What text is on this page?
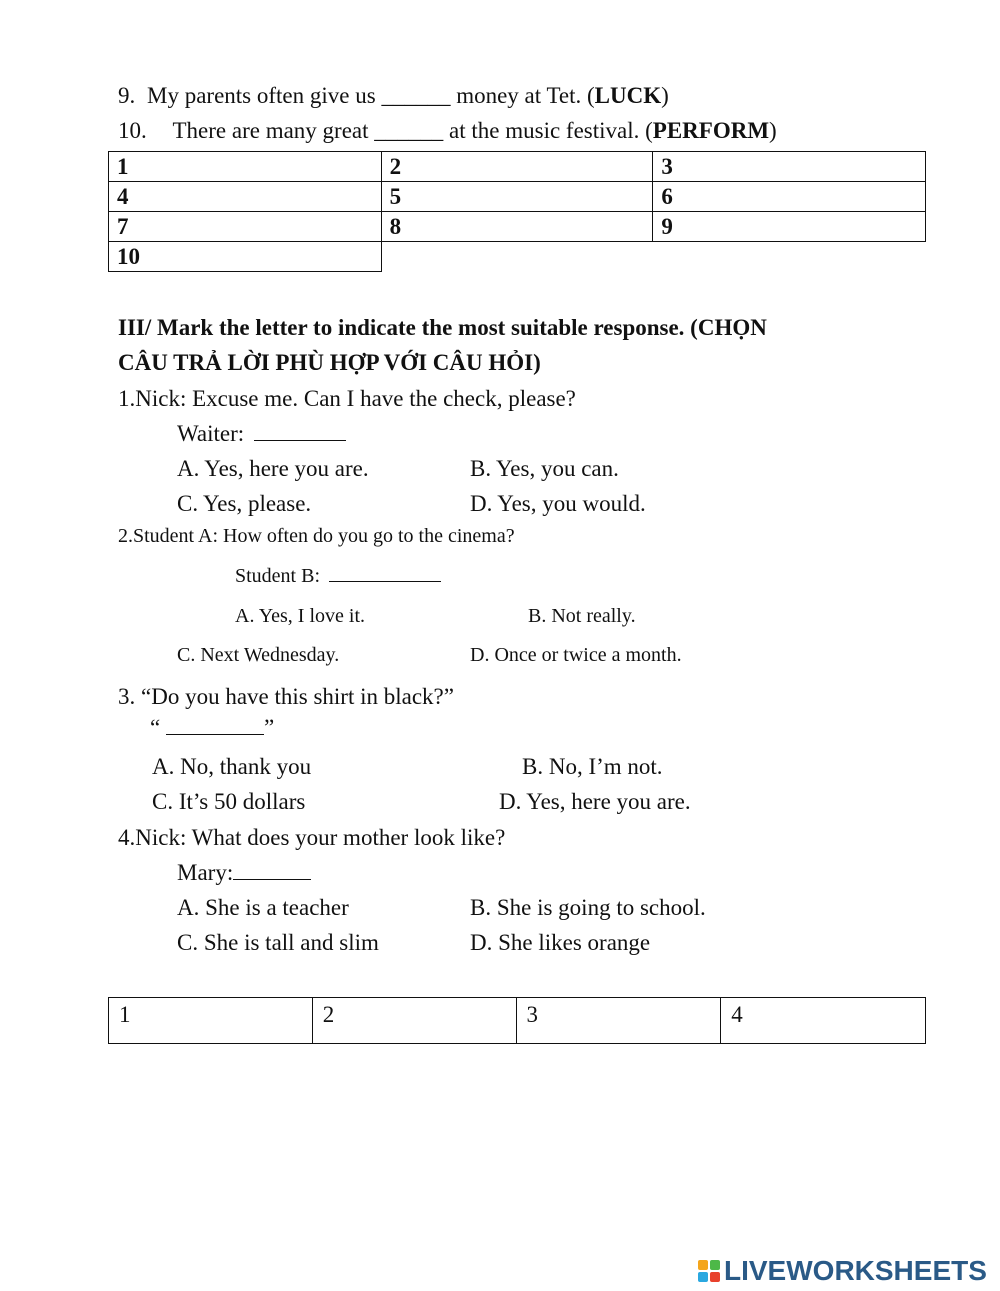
9. My parents often give us ______ money at Tet. (LUCK)
10. There are many great ______ at the music festival. (PERFORM)
1	2	3
4	5	6
7	8	9
10		
III/ Mark the letter to indicate the most suitable response. (CHỌN
CÂU TRẢ LỜI PHÙ HỢP VỚI CÂU HỎI)
1.Nick: Excuse me. Can I have the check, please?
Waiter:
A. Yes, here you are.	B. Yes, you can.
C. Yes, please.	D. Yes, you would.
2.Student A: How often do you go to the cinema?
Student B:
A. Yes, I love it.	B. Not really.
C. Next Wednesday.	D. Once or twice a month.
3. “Do you have this shirt in black?”
“	”
A. No, thank you	B. No, I’m not.
C. It’s 50 dollars	D. Yes, here you are.
4.Nick: What does your mother look like?
Mary:
A. She is a teacher	B. She is going to school.
C. She is tall and slim	D. She likes orange
1	2	3	4
LIVEWORKSHEETS
